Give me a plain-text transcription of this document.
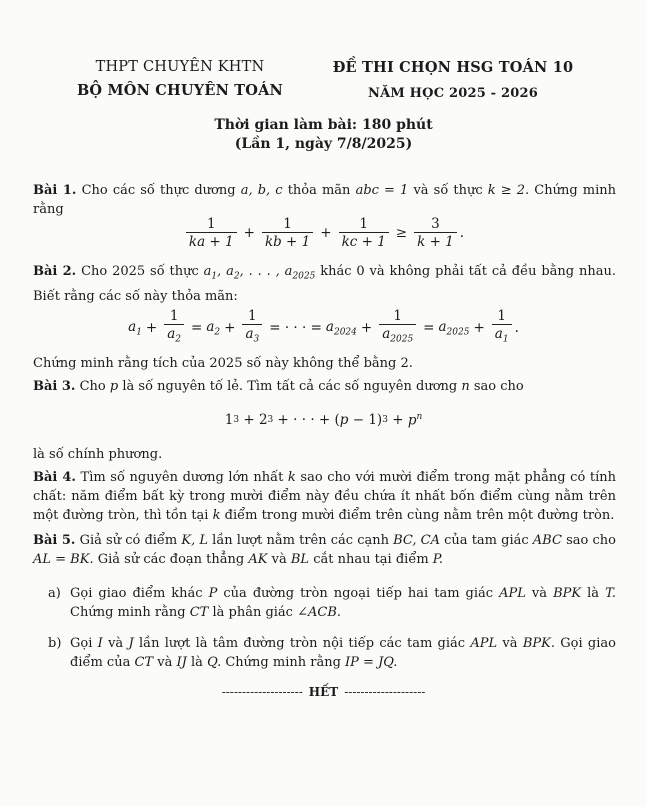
THPT CHUYÊN KHTN
BỘ MÔN CHUYÊN TOÁN
ĐỀ THI CHỌN HSG TOÁN 10
NĂM HỌC 2025 - 2026
Thời gian làm bài: 180 phút
(Lần 1, ngày 7/8/2025)
Bài 1. Cho các số thực dương a, b, c thỏa mãn abc = 1 và số thực k ≥ 2. Chứng minh rằng
1
ka + 1
+ $\frac{1}{kb + 1} + \frac{1}{kc + 1} \ge \frac{3}{k + 1}$ .
Bài 2. Cho 2025 số thực $a_1$, $a_2$, . . . , $a_{2025}$ khác 0 và không phải tất cả đều bằng nhau. Biết rằng các số này thỏa mãn:
$a_1 + \frac{1}{a_2} = a_2 + \frac{1}{a_3}$ = · · · = $a_{2024} + \frac{1}{a_{2025}} = a_{2025} + \frac{1}{a_1}$ .
Chứng minh rằng tích của 2025 số này không thể bằng 2.
Bài 3. Cho p là số nguyên tố lẻ. Tìm tất cả các số nguyên dương n sao cho
1 3 + 2 3 + · · · + ( p − 1) $3 + p^n$
là số chính phương.
Bài 4. Tìm số nguyên dương lớn nhất k sao cho với mười điểm trong mặt phẳng có tính chất: năm điểm bất kỳ trong mười điểm này đều chứa ít nhất bốn điểm cùng nằm trên một đường tròn, thì tồn tại k điểm trong mười điểm trên cùng nằm trên một đường tròn.
Bài 5. Giả sử có điểm K, L lần lượt nằm trên các cạnh BC, CA của tam giác ABC sao cho AL = BK. Giả sử các đoạn thẳng AK và BL cắt nhau tại điểm P.
a) Gọi giao điểm khác P của đường tròn ngoại tiếp hai tam giác APL và BPK là T. Chứng minh rằng CT là phân giác ∠ACB.
b) Gọi I và J lần lượt là tâm đường tròn nội tiếp các tam giác APL và BPK. Gọi giao điểm của CT và IJ là Q. Chứng minh rằng IP = JQ.
-------------------- HẾT --------------------
